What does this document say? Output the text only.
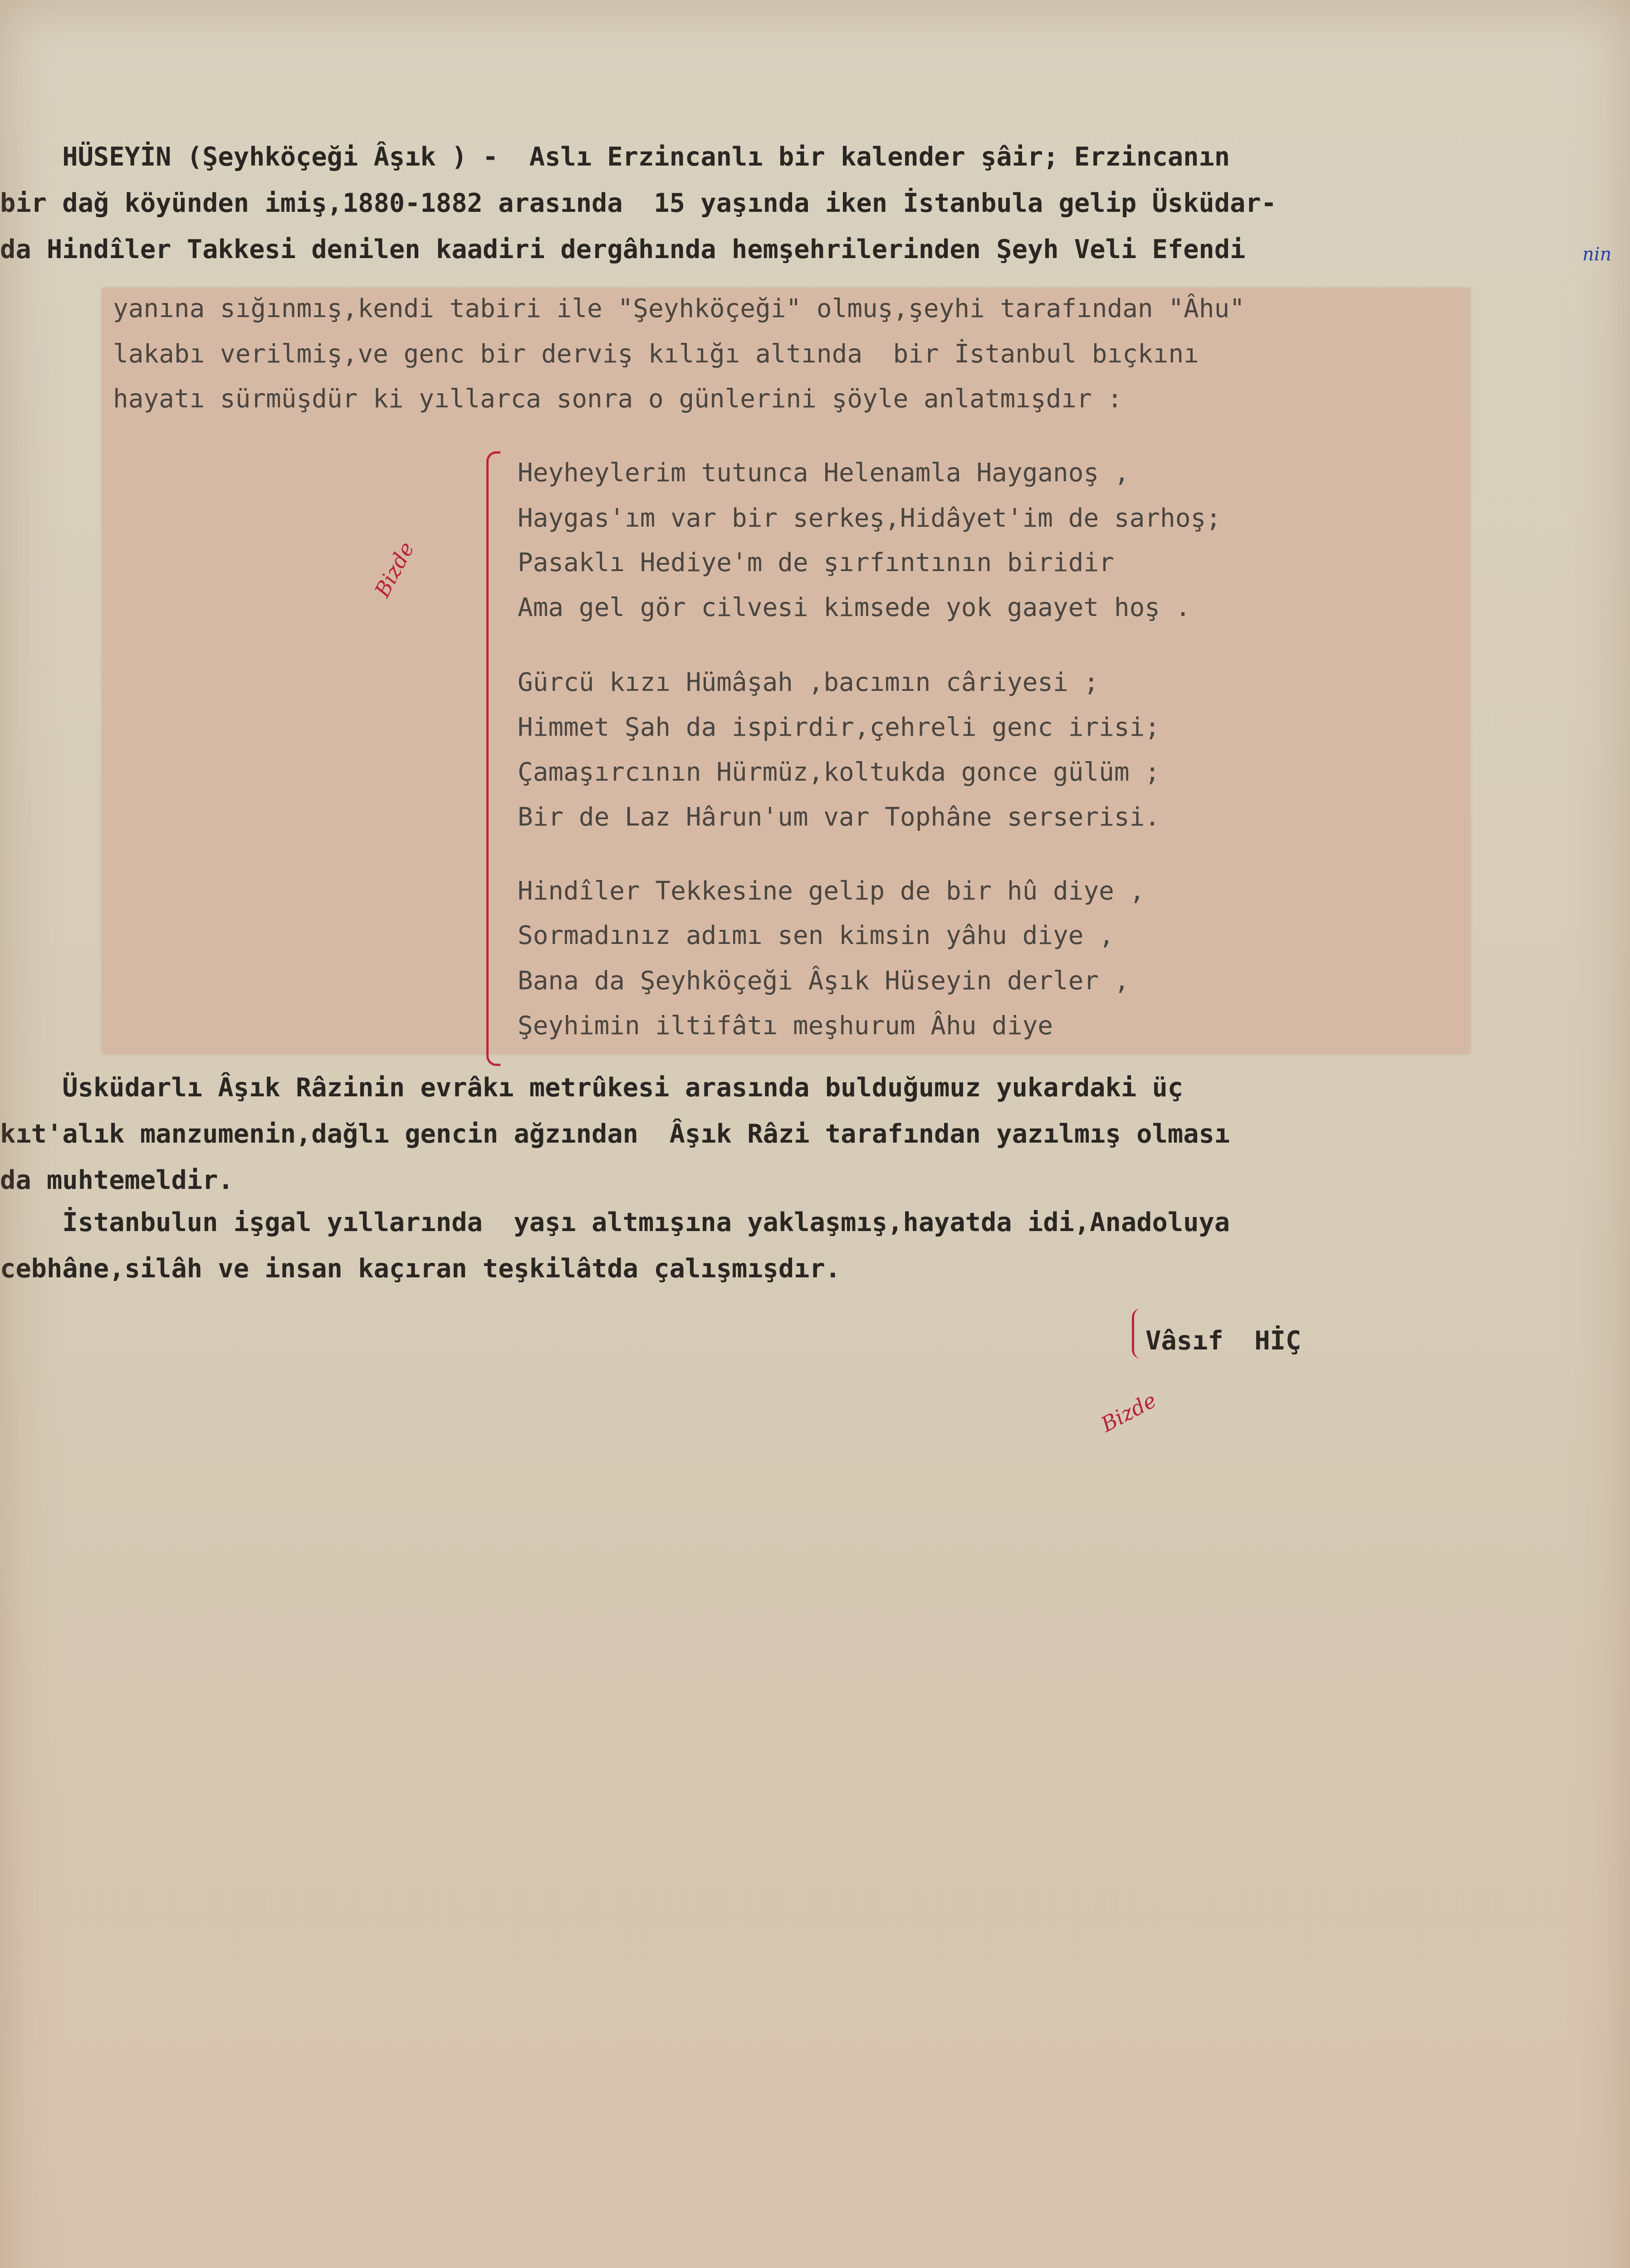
HÜSEYİN (Şeyhköçeği Âşık ) -  Aslı Erzincanlı bir kalender şâir; Erzincanın
bir dağ köyünden imiş,1880-1882 arasında  15 yaşında iken İstanbula gelip Üsküdar-
da Hindîler Takkesi denilen kaadiri dergâhında hemşehrilerinden Şeyh Veli Efendi	nin
yanına sığınmış,kendi tabiri ile "Şeyhköçeği" olmuş,şeyhi tarafından "Âhu"
lakabı verilmiş,ve genc bir derviş kılığı altında  bir İstanbul bıçkını
hayatı sürmüşdür ki yıllarca sonra o günlerini şöyle anlatmışdır :
Heyheylerim tutunca Helenamla Hayganoş ,
Haygas'ım var bir serkeş,Hidâyet'im de sarhoş;
Pasaklı Hediye'm de şırfıntının biridir
Ama gel gör cilvesi kimsede yok gaayet hoş .
Gürcü kızı Hümâşah ,bacımın câriyesi ;
Himmet Şah da ispirdir,çehreli genc irisi;
Çamaşırcının Hürmüz,koltukda gonce gülüm ;
Bir de Laz Hârun'um var Tophâne serserisi.
Hindîler Tekkesine gelip de bir hû diye ,
Sormadınız adımı sen kimsin yâhu diye ,
Bana da Şeyhköçeği Âşık Hüseyin derler ,
Şeyhimin iltifâtı meşhurum Âhu diye
Bizde
Üsküdarlı Âşık Râzinin evrâkı metrûkesi arasında bulduğumuz yukardaki üç
kıt'alık manzumenin,dağlı gencin ağzından  Âşık Râzi tarafından yazılmış olması
da muhtemeldir.
İstanbulun işgal yıllarında  yaşı altmışına yaklaşmış,hayatda idi,Anadoluya
cebhâne,silâh ve insan kaçıran teşkilâtda çalışmışdır.
Vâsıf  HİÇ
Bizde
